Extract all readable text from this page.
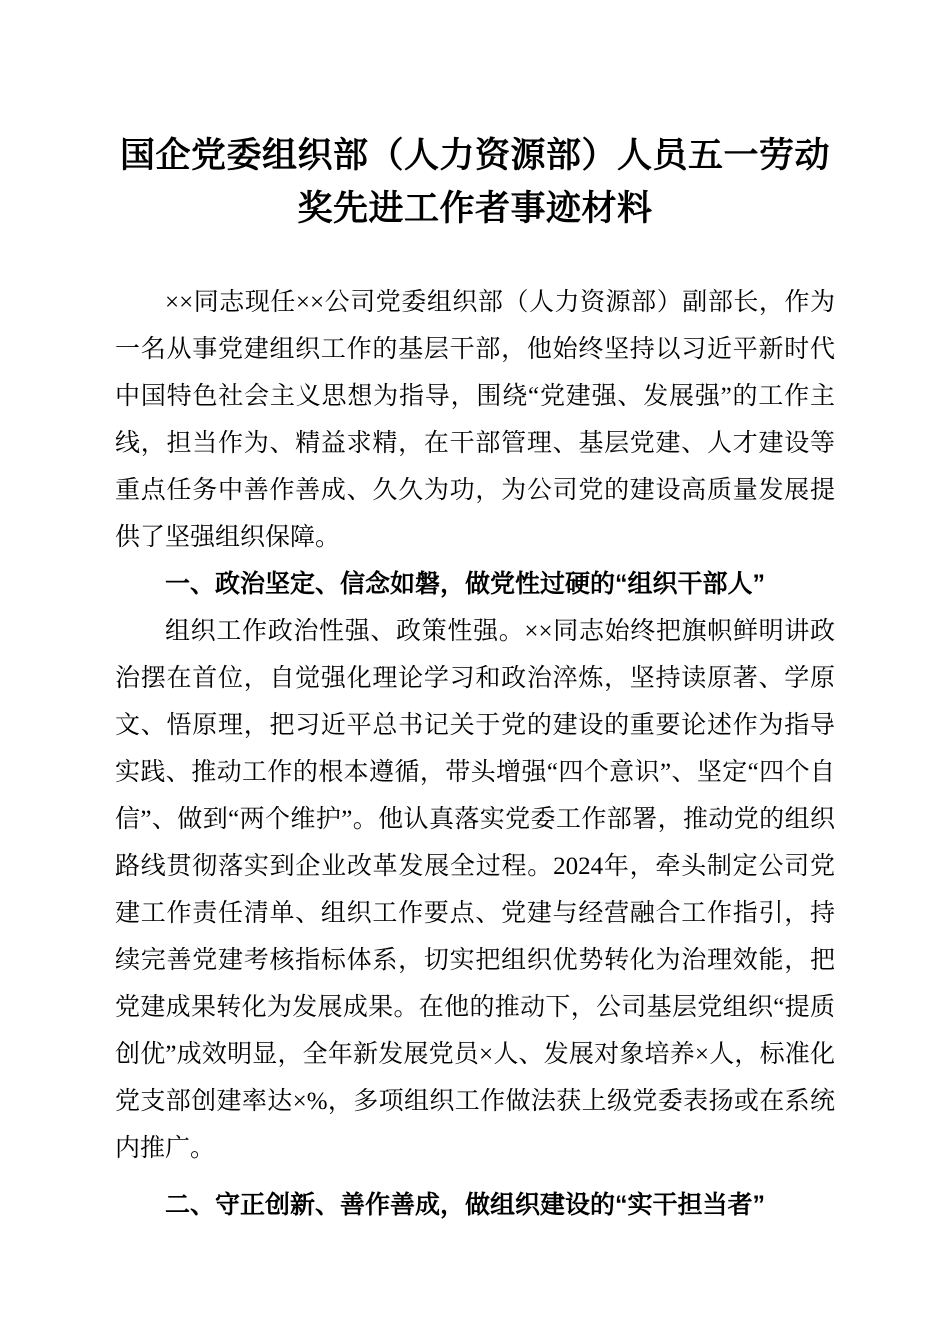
国企党委组织部（人力资源部）人员五一劳动奖先进工作者事迹材料

××同志现任××公司党委组织部（人力资源部）副部长，作为一名从事党建组织工作的基层干部，他始终坚持以习近平新时代中国特色社会主义思想为指导，围绕“党建强、发展强”的工作主线，担当作为、精益求精，在干部管理、基层党建、人才建设等重点任务中善作善成、久久为功，为公司党的建设高质量发展提供了坚强组织保障。

一、政治坚定、信念如磐，做党性过硬的“组织干部人”

组织工作政治性强、政策性强。××同志始终把旗帜鲜明讲政治摆在首位，自觉强化理论学习和政治淬炼，坚持读原著、学原文、悟原理，把习近平总书记关于党的建设的重要论述作为指导实践、推动工作的根本遵循，带头增强“四个意识”、坚定“四个自信”、做到“两个维护”。他认真落实党委工作部署，推动党的组织路线贯彻落实到企业改革发展全过程。2024年，牵头制定公司党建工作责任清单、组织工作要点、党建与经营融合工作指引，持续完善党建考核指标体系，切实把组织优势转化为治理效能，把党建成果转化为发展成果。在他的推动下，公司基层党组织“提质创优”成效明显，全年新发展党员×人、发展对象培养×人，标准化党支部创建率达×%，多项组织工作做法获上级党委表扬或在系统内推广。

二、守正创新、善作善成，做组织建设的“实干担当者”
